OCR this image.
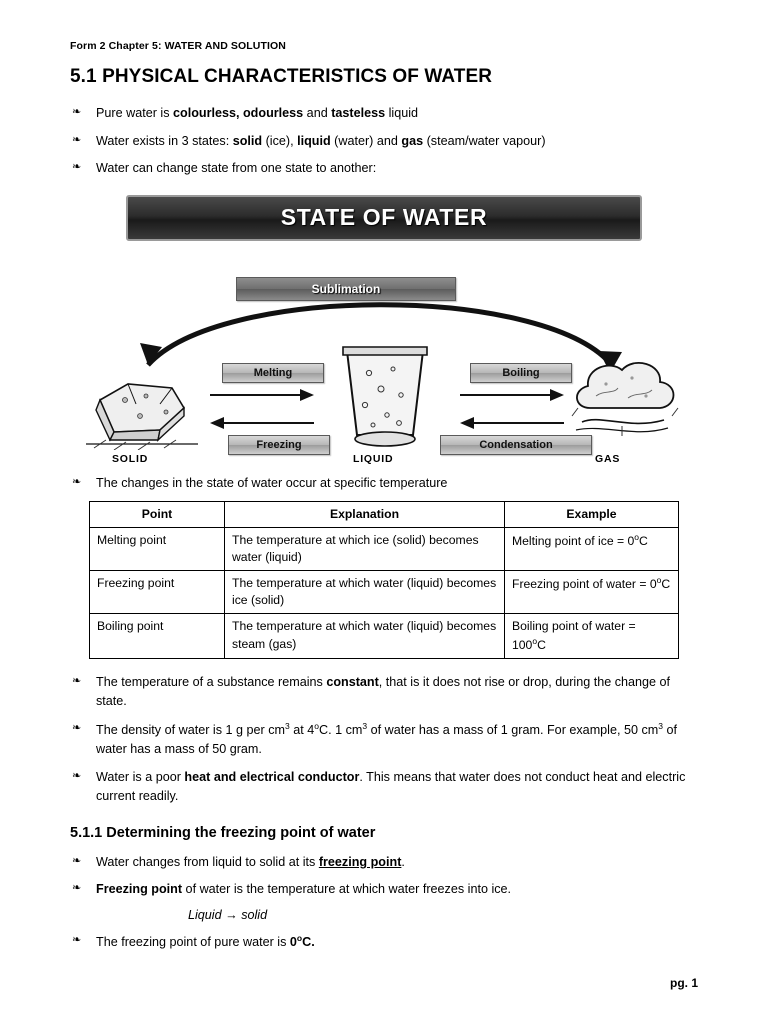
Form 2 Chapter 5: WATER AND SOLUTION
5.1 PHYSICAL CHARACTERISTICS OF WATER
❧ Pure water is colourless, odourless and tasteless liquid
❧ Water exists in 3 states: solid (ice), liquid (water) and gas (steam/water vapour)
❧ Water can change state from one state to another:
STATE OF WATER
Sublimation
SOLID	LIQUID	GAS
Melting
Freezing
Boiling
Condensation
❧ The changes in the state of water occur at specific temperature
Point	Explanation	Example
Melting point	The temperature at which ice (solid) becomes water (liquid)	Melting point of ice = $0^oC$
Freezing point	The temperature at which water (liquid) becomes ice (solid)	Freezing point of water = $0^oC$
Boiling point	The temperature at which water (liquid) becomes steam (gas)	Boiling point of water = $100^oC$
❧ The temperature of a substance remains constant, that is it does not rise or drop, during the change of state.
❧ The density of water is 1 g per $cm^3$ at 4$^o$C. 1 $cm^3$ of water has a mass of 1 gram. For example, 50 $cm^3$ of water has a mass of 50 gram.
❧ Water is a poor heat and electrical conductor. This means that water does not conduct heat and electric current readily.
5.1.1 Determining the freezing point of water
❧ Water changes from liquid to solid at its freezing point.
❧ Freezing point of water is the temperature at which water freezes into ice.
Liquid → solid
❧ The freezing point of pure water is 0$^o$C.
pg. 1
